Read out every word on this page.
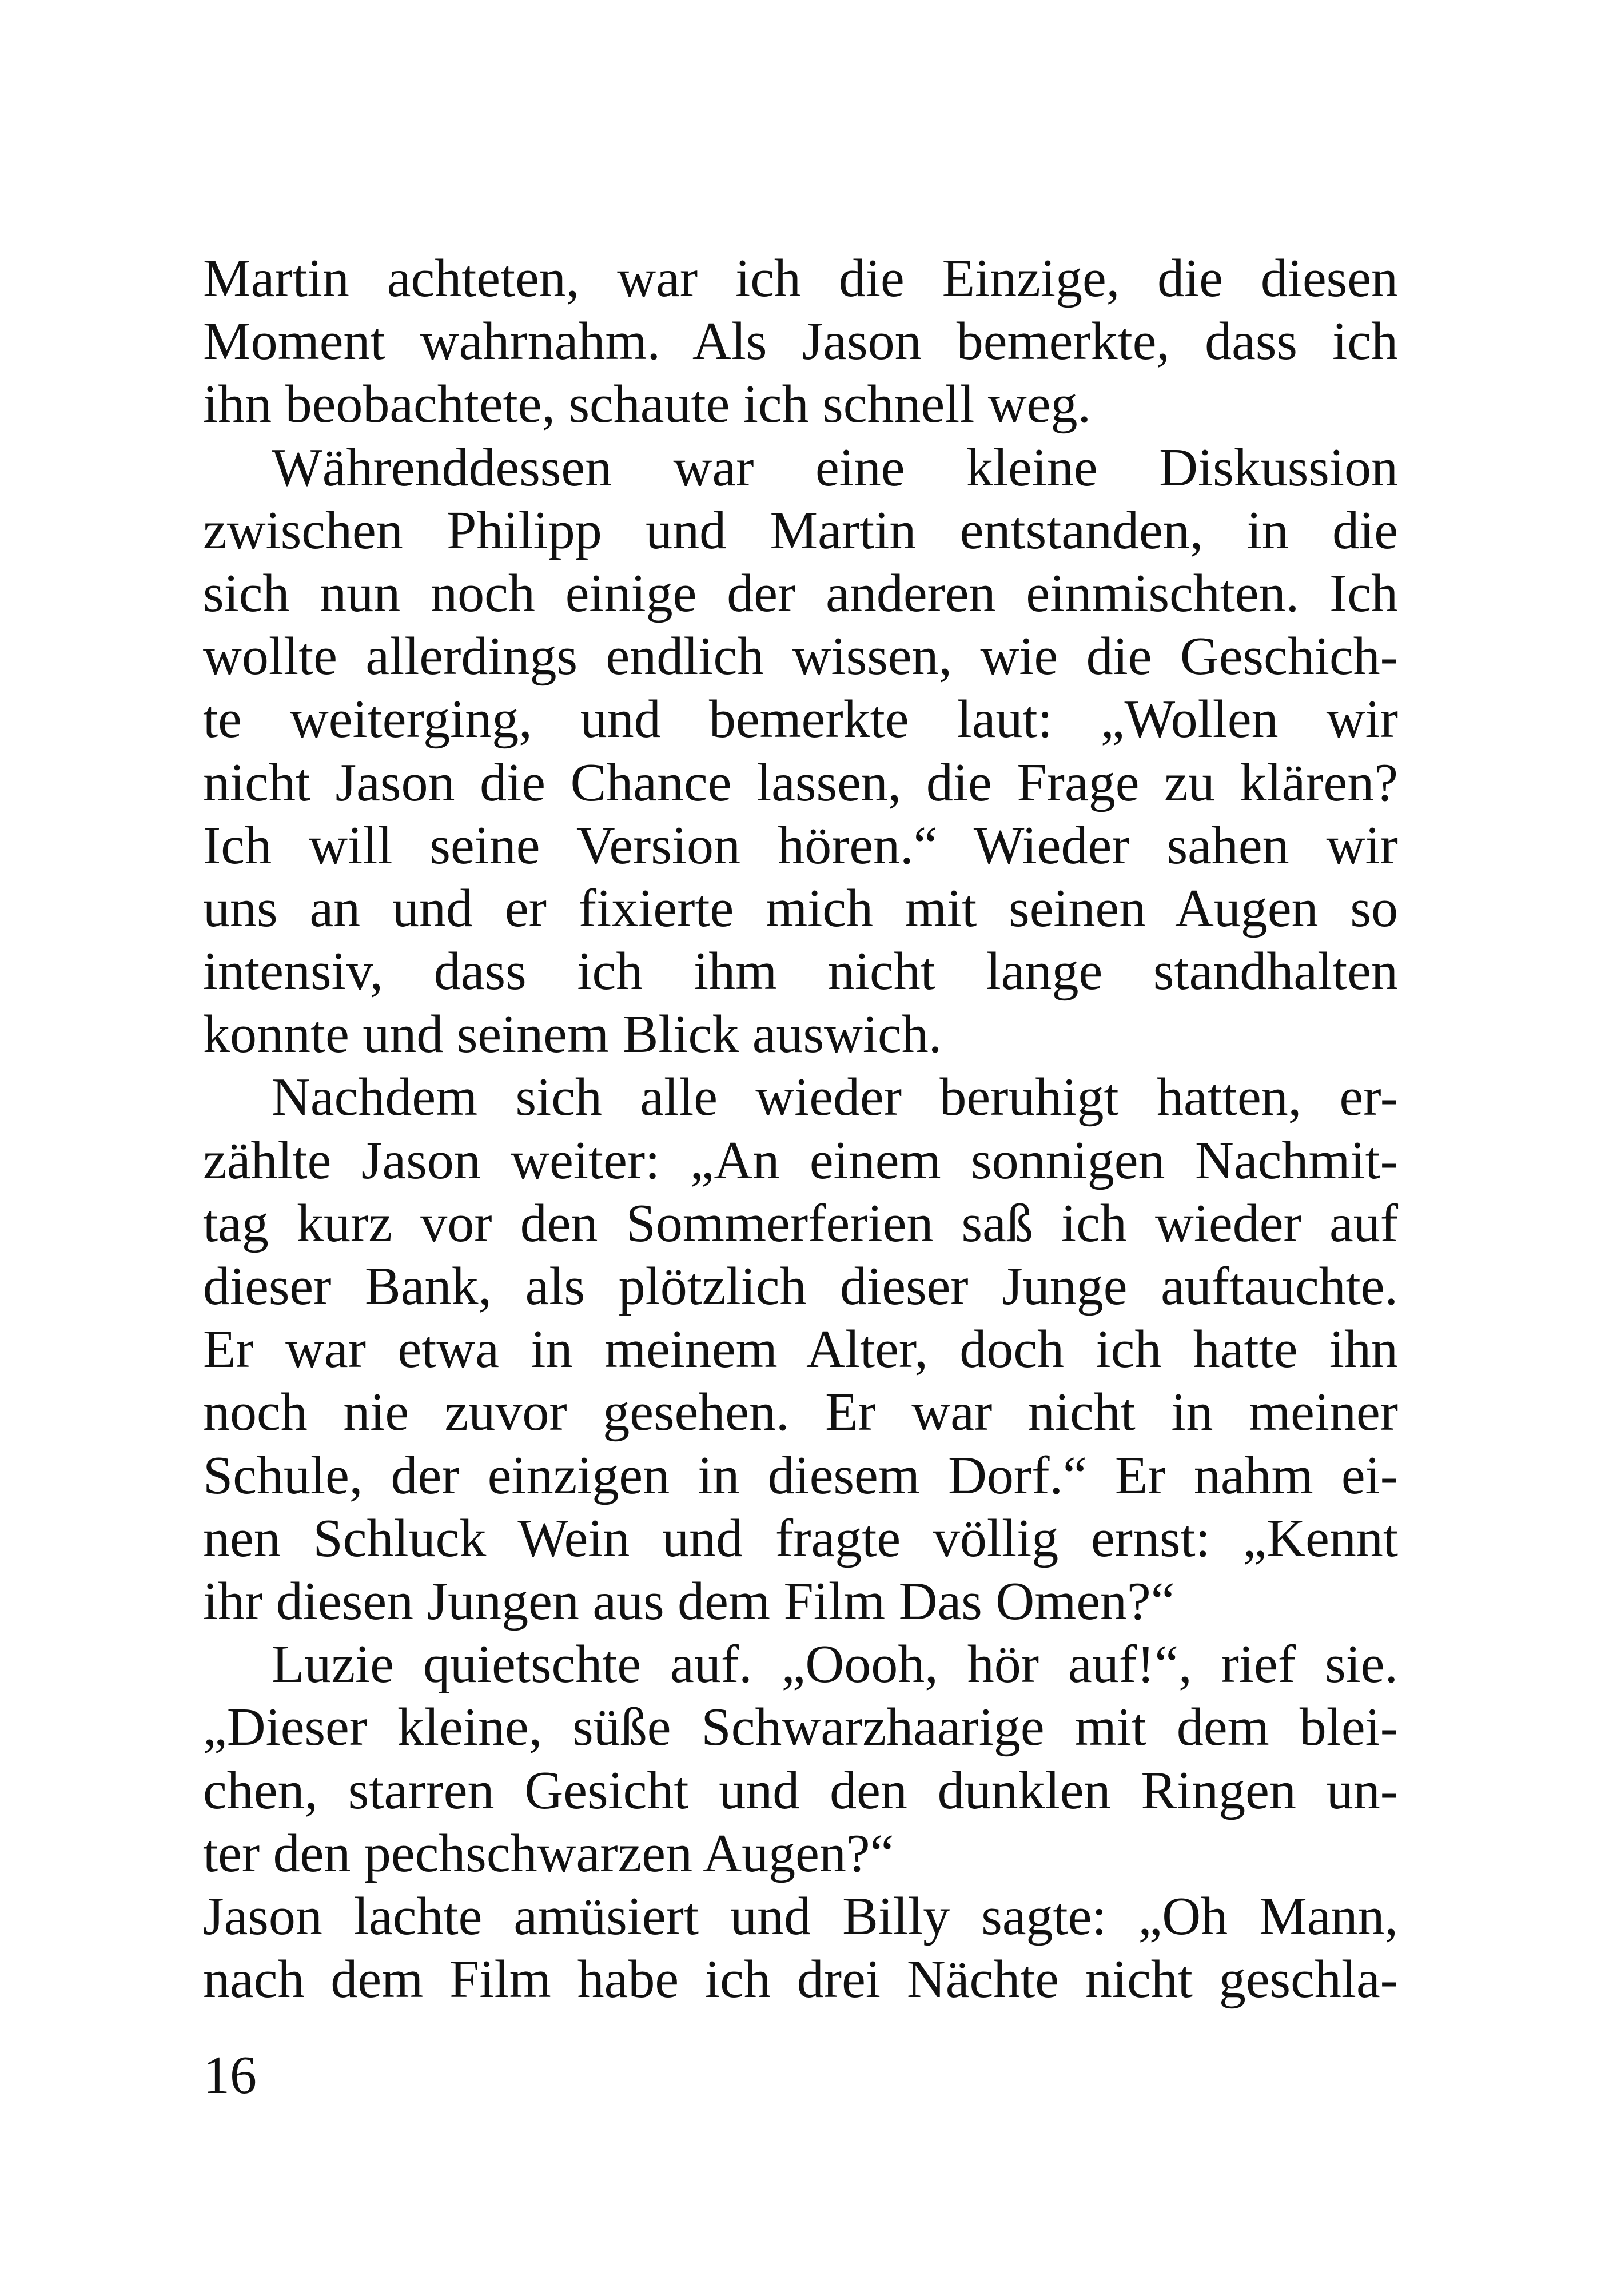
Martin achteten, war ich die Einzige, die diesen
Moment wahrnahm. Als Jason bemerkte, dass ich
ihn beobachtete, schaute ich schnell weg.
Währenddessen war eine kleine Diskussion
zwischen Philipp und Martin entstanden, in die
sich nun noch einige der anderen einmischten. Ich
wollte allerdings endlich wissen, wie die Geschich-
te weiterging, und bemerkte laut: „Wollen wir
nicht Jason die Chance lassen, die Frage zu klären?
Ich will seine Version hören.“ Wieder sahen wir
uns an und er fixierte mich mit seinen Augen so
intensiv, dass ich ihm nicht lange standhalten
konnte und seinem Blick auswich.
Nachdem sich alle wieder beruhigt hatten, er-
zählte Jason weiter: „An einem sonnigen Nachmit-
tag kurz vor den Sommerferien saß ich wieder auf
dieser Bank, als plötzlich dieser Junge auftauchte.
Er war etwa in meinem Alter, doch ich hatte ihn
noch nie zuvor gesehen. Er war nicht in meiner
Schule, der einzigen in diesem Dorf.“ Er nahm ei-
nen Schluck Wein und fragte völlig ernst: „Kennt
ihr diesen Jungen aus dem Film Das Omen?“
Luzie quietschte auf. „Oooh, hör auf!“, rief sie.
„Dieser kleine, süße Schwarzhaarige mit dem blei-
chen, starren Gesicht und den dunklen Ringen un-
ter den pechschwarzen Augen?“
Jason lachte amüsiert und Billy sagte: „Oh Mann,
nach dem Film habe ich drei Nächte nicht geschla-
16
